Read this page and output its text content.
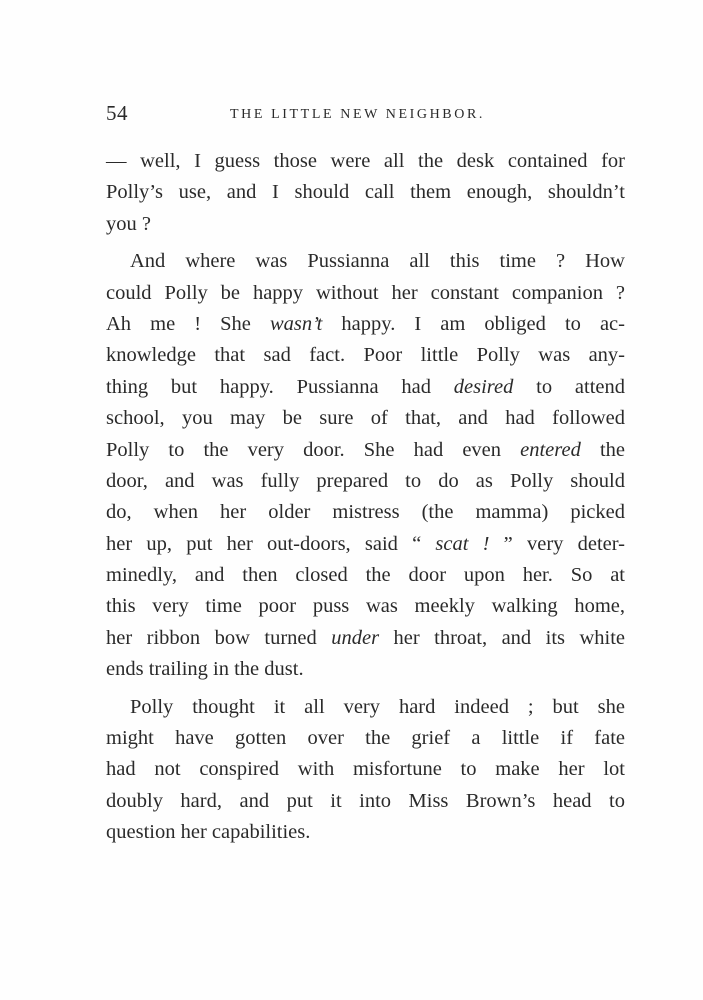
54	THE LITTLE NEW NEIGHBOR.
— well, I guess those were all the desk contained for
Polly’s use, and I should call them enough, shouldn’t
you ?
And where was Pussianna all this time ? How
could Polly be happy without her constant companion ?
Ah me ! She wasn’t happy. I am obliged to ac-
knowledge that sad fact. Poor little Polly was any-
thing but happy. Pussianna had desired to attend
school, you may be sure of that, and had followed
Polly to the very door. She had even entered the
door, and was fully prepared to do as Polly should
do, when her older mistress (the mamma) picked
her up, put her out-doors, said “ scat ! ” very deter-
minedly, and then closed the door upon her. So at
this very time poor puss was meekly walking home,
her ribbon bow turned under her throat, and its white
ends trailing in the dust.
Polly thought it all very hard indeed ; but she
might have gotten over the grief a little if fate
had not conspired with misfortune to make her lot
doubly hard, and put it into Miss Brown’s head to
question her capabilities.
